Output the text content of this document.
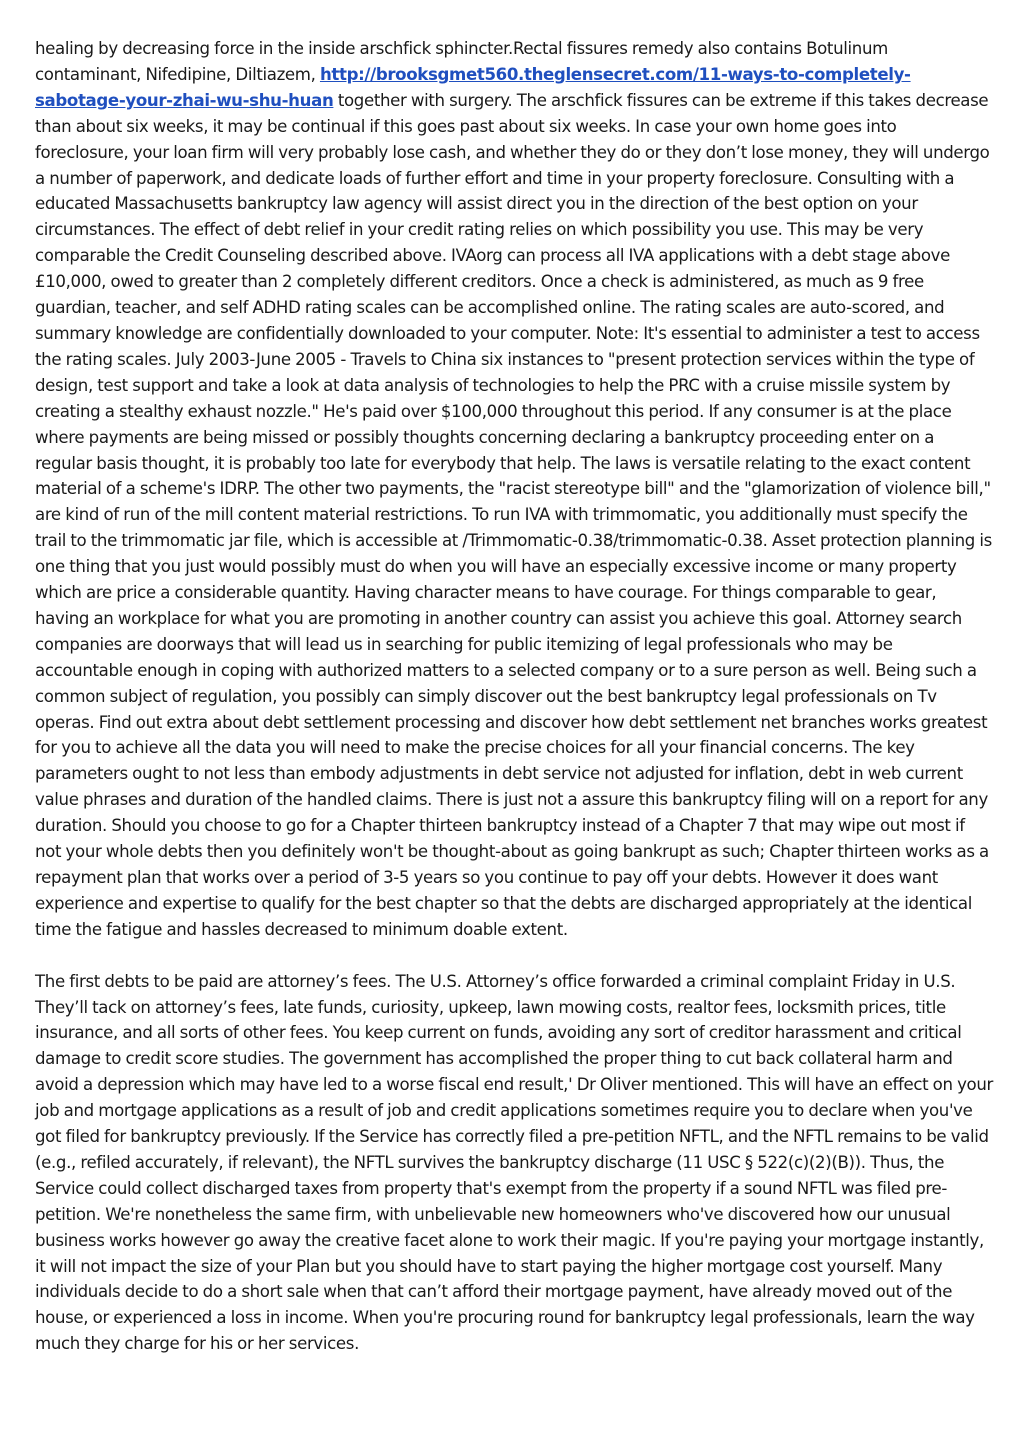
healing by decreasing force in the inside arschfick sphincter.Rectal fissures remedy also contains Botulinum contaminant, Nifedipine, Diltiazem, http://brooksgmet560.theglensecret.com/11-ways-to-completely-sabotage-your-zhai-wu-shu-huan together with surgery. The arschfick fissures can be extreme if this takes decrease than about six weeks, it may be continual if this goes past about six weeks. In case your own home goes into foreclosure, your loan firm will very probably lose cash, and whether they do or they don’t lose money, they will undergo a number of paperwork, and dedicate loads of further effort and time in your property foreclosure. Consulting with a educated Massachusetts bankruptcy law agency will assist direct you in the direction of the best option on your circumstances. The effect of debt relief in your credit rating relies on which possibility you use. This may be very comparable the Credit Counseling described above. IVAorg can process all IVA applications with a debt stage above £10,000, owed to greater than 2 completely different creditors. Once a check is administered, as much as 9 free guardian, teacher, and self ADHD rating scales can be accomplished online. The rating scales are auto-scored, and summary knowledge are confidentially downloaded to your computer. Note: It's essential to administer a test to access the rating scales. July 2003-June 2005 - Travels to China six instances to "present protection services within the type of design, test support and take a look at data analysis of technologies to help the PRC with a cruise missile system by creating a stealthy exhaust nozzle." He's paid over $100,000 throughout this period. If any consumer is at the place where payments are being missed or possibly thoughts concerning declaring a bankruptcy proceeding enter on a regular basis thought, it is probably too late for everybody that help. The laws is versatile relating to the exact content material of a scheme's IDRP. The other two payments, the "racist stereotype bill" and the "glamorization of violence bill," are kind of run of the mill content material restrictions. To run IVA with trimmomatic, you additionally must specify the trail to the trimmomatic jar file, which is accessible at /Trimmomatic-0.38/trimmomatic-0.38. Asset protection planning is one thing that you just would possibly must do when you will have an especially excessive income or many property which are price a considerable quantity. Having character means to have courage. For things comparable to gear, having an workplace for what you are promoting in another country can assist you achieve this goal. Attorney search companies are doorways that will lead us in searching for public itemizing of legal professionals who may be accountable enough in coping with authorized matters to a selected company or to a sure person as well. Being such a common subject of regulation, you possibly can simply discover out the best bankruptcy legal professionals on Tv operas. Find out extra about debt settlement processing and discover how debt settlement net branches works greatest for you to achieve all the data you will need to make the precise choices for all your financial concerns. The key parameters ought to not less than embody adjustments in debt service not adjusted for inflation, debt in web current value phrases and duration of the handled claims. There is just not a assure this bankruptcy filing will on a report for any duration. Should you choose to go for a Chapter thirteen bankruptcy instead of a Chapter 7 that may wipe out most if not your whole debts then you definitely won't be thought-about as going bankrupt as such; Chapter thirteen works as a repayment plan that works over a period of 3-5 years so you continue to pay off your debts. However it does want experience and expertise to qualify for the best chapter so that the debts are discharged appropriately at the identical time the fatigue and hassles decreased to minimum doable extent.

The first debts to be paid are attorney’s fees. The U.S. Attorney’s office forwarded a criminal complaint Friday in U.S. They’ll tack on attorney’s fees, late funds, curiosity, upkeep, lawn mowing costs, realtor fees, locksmith prices, title insurance, and all sorts of other fees. You keep current on funds, avoiding any sort of creditor harassment and critical damage to credit score studies. The government has accomplished the proper thing to cut back collateral harm and avoid a depression which may have led to a worse fiscal end result,' Dr Oliver mentioned. This will have an effect on your job and mortgage applications as a result of job and credit applications sometimes require you to declare when you've got filed for bankruptcy previously. If the Service has correctly filed a pre-petition NFTL, and the NFTL remains to be valid (e.g., refiled accurately, if relevant), the NFTL survives the bankruptcy discharge (11 USC § 522(c)(2)(B)). Thus, the Service could collect discharged taxes from property that's exempt from the property if a sound NFTL was filed pre-petition. We're nonetheless the same firm, with unbelievable new homeowners who've discovered how our unusual business works however go away the creative facet alone to work their magic. If you're paying your mortgage instantly, it will not impact the size of your Plan but you should have to start paying the higher mortgage cost yourself. Many individuals decide to do a short sale when that can’t afford their mortgage payment, have already moved out of the house, or experienced a loss in income. When you're procuring round for bankruptcy legal professionals, learn the way much they charge for his or her services.
